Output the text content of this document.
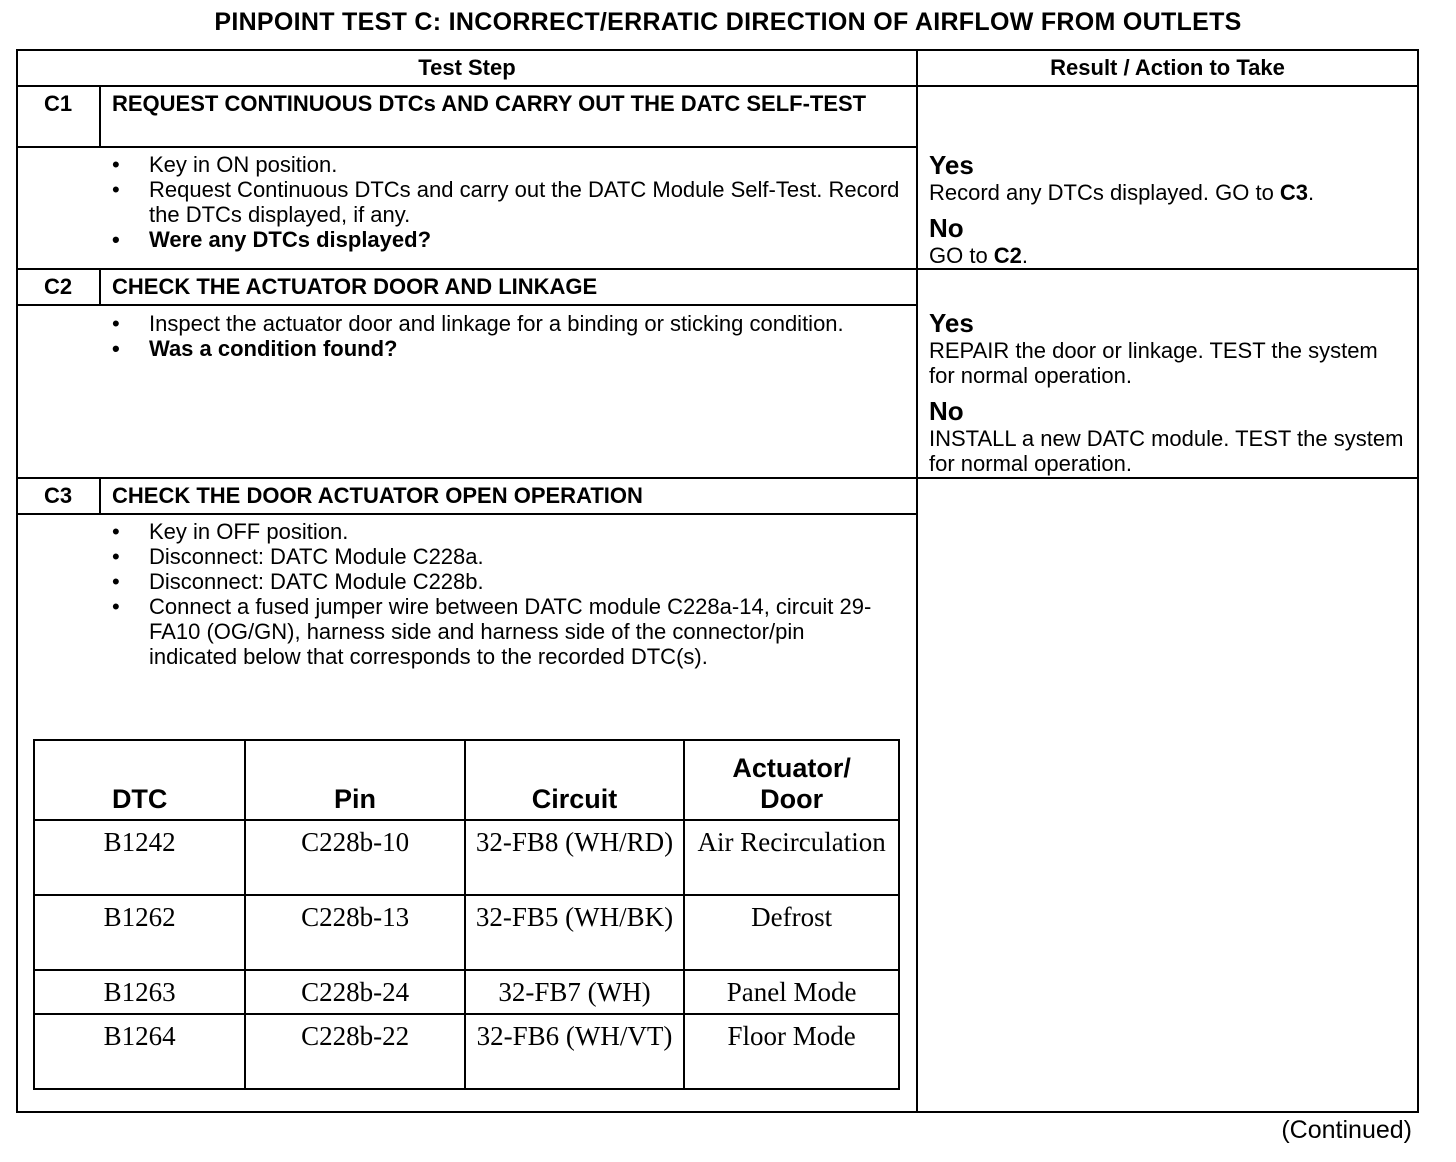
PINPOINT TEST C: INCORRECT/ERRATIC DIRECTION OF AIRFLOW FROM OUTLETS
Test Step	Result / Action to Take
C1	REQUEST CONTINUOUS DTCs AND CARRY OUT THE DATC SELF-TEST
• Key in ON position.
• Request Continuous DTCs and carry out the DATC Module Self-Test. Record the DTCs displayed, if any.
• Were any DTCs displayed?
Yes
Record any DTCs displayed. GO to C3.
No
GO to C2.
C2	CHECK THE ACTUATOR DOOR AND LINKAGE
• Inspect the actuator door and linkage for a binding or sticking condition.
• Was a condition found?
Yes
REPAIR the door or linkage. TEST the system for normal operation.
No
INSTALL a new DATC module. TEST the system for normal operation.
C3	CHECK THE DOOR ACTUATOR OPEN OPERATION
• Key in OFF position.
• Disconnect: DATC Module C228a.
• Disconnect: DATC Module C228b.
• Connect a fused jumper wire between DATC module C228a-14, circuit 29-FA10 (OG/GN), harness side and harness side of the connector/pin indicated below that corresponds to the recorded DTC(s).
DTC	Pin	Circuit	Actuator/
Door
B1242	C228b-10	32-FB8 (WH/RD)	Air Recirculation
B1262	C228b-13	32-FB5 (WH/BK)	Defrost
B1263	C228b-24	32-FB7 (WH)	Panel Mode
B1264	C228b-22	32-FB6 (WH/VT)	Floor Mode
(Continued)
